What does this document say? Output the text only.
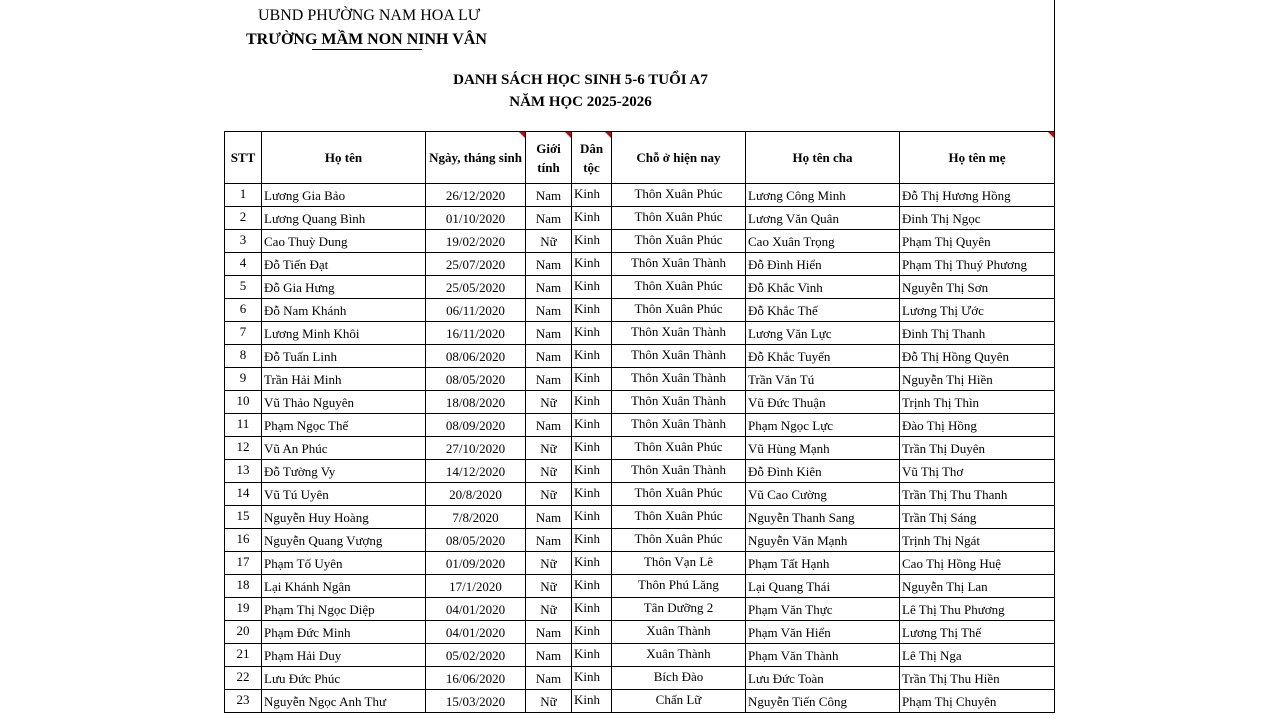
UBND PHƯỜNG NAM HOA LƯ
TRƯỜNG MẦM NON NINH VÂN
DANH SÁCH HỌC SINH 5-6 TUỔI A7
NĂM HỌC 2025-2026
STT	Họ tên	Ngày, tháng sinh	Giới tính	Dân tộc	Chỗ ở hiện nay	Họ tên cha	Họ tên mẹ

1	Lương Gia Bảo	26/12/2020	Nam	Kinh	Thôn Xuân Phúc	Lương Công Minh	Đỗ Thị Hương Hồng
2	Lương Quang Bình	01/10/2020	Nam	Kinh	Thôn Xuân Phúc	Lương Văn Quân	Đinh Thị Ngọc
3	Cao Thuỳ Dung	19/02/2020	Nữ	Kinh	Thôn Xuân Phúc	Cao Xuân Trọng	Phạm Thị Quyên
4	Đỗ Tiến Đạt	25/07/2020	Nam	Kinh	Thôn Xuân Thành	Đỗ Đình Hiển	Phạm Thị Thuý Phương
5	Đỗ Gia Hưng	25/05/2020	Nam	Kinh	Thôn Xuân Phúc	Đỗ Khắc Vinh	Nguyễn Thị Sơn
6	Đỗ Nam Khánh	06/11/2020	Nam	Kinh	Thôn Xuân Phúc	Đỗ Khắc Thế	Lương Thị Ước
7	Lương Minh Khôi	16/11/2020	Nam	Kinh	Thôn Xuân Thành	Lương Văn Lực	Đinh Thị Thanh
8	Đỗ Tuấn Linh	08/06/2020	Nam	Kinh	Thôn Xuân Thành	Đỗ Khắc Tuyển	Đỗ Thị Hồng Quyên
9	Trần Hải Minh	08/05/2020	Nam	Kinh	Thôn Xuân Thành	Trần Văn Tú	Nguyễn Thị Hiền
10	Vũ Thảo Nguyên	18/08/2020	Nữ	Kinh	Thôn Xuân Thành	Vũ Đức Thuận	Trịnh Thị Thìn
11	Phạm Ngọc Thế	08/09/2020	Nam	Kinh	Thôn Xuân Thành	Phạm Ngọc Lực	Đào Thị Hồng
12	Vũ An Phúc	27/10/2020	Nữ	Kinh	Thôn Xuân Phúc	Vũ Hùng Mạnh	Trần Thị Duyên
13	Đỗ Tường Vy	14/12/2020	Nữ	Kinh	Thôn Xuân Thành	Đỗ Đình Kiên	Vũ Thị Thơ
14	Vũ Tú Uyên	20/8/2020	Nữ	Kinh	Thôn Xuân Phúc	Vũ Cao Cường	Trần Thị Thu Thanh
15	Nguyễn Huy Hoàng	7/8/2020	Nam	Kinh	Thôn Xuân Phúc	Nguyễn Thanh Sang	Trần Thị Sáng
16	Nguyễn Quang Vượng	08/05/2020	Nam	Kinh	Thôn Xuân Phúc	Nguyễn Văn Mạnh	Trịnh Thị Ngát
17	Phạm Tố Uyên	01/09/2020	Nữ	Kinh	Thôn Vạn Lê	Phạm Tất Hạnh	Cao Thị Hồng Huệ
18	Lại Khánh Ngân	17/1/2020	Nữ	Kinh	Thôn Phú Lăng	Lại Quang Thái	Nguyễn Thị Lan
19	Phạm Thị Ngọc Diệp	04/01/2020	Nữ	Kinh	Tân Dưỡng 2	Phạm Văn Thực	Lê Thị Thu Phương
20	Phạm Đức Minh	04/01/2020	Nam	Kinh	Xuân Thành	Phạm Văn Hiển	Lương Thị Thế
21	Phạm Hải Duy	05/02/2020	Nam	Kinh	Xuân Thành	Phạm Văn Thành	Lê Thị Nga
22	Lưu Đức Phúc	16/06/2020	Nam	Kinh	Bích Đào	Lưu Đức Toàn	Trần Thị Thu Hiền
23	Nguyễn Ngọc Anh Thư	15/03/2020	Nữ	Kinh	Chấn Lữ	Nguyễn Tiến Công	Phạm Thị Chuyên
